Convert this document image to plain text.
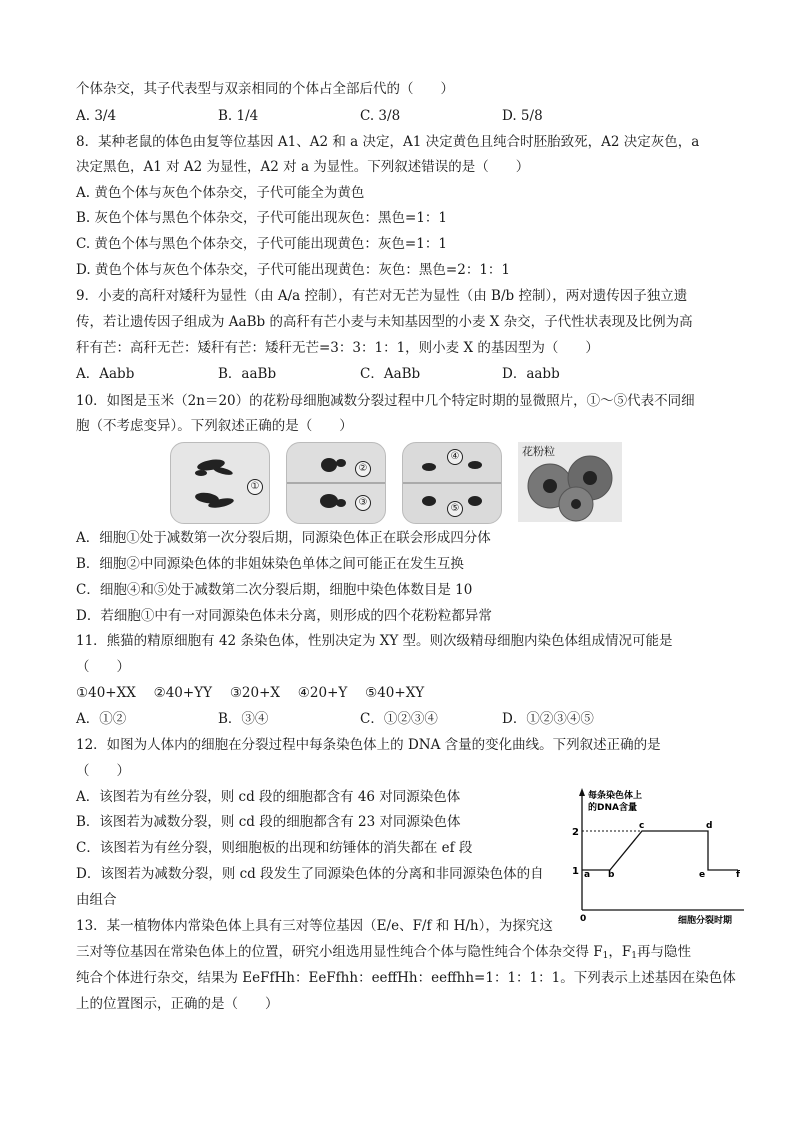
个体杂交，其子代表型与双亲相同的个体占全部后代的（　　）
A. 3/4	B. 1/4	C. 3/8	D. 5/8
8．某种老鼠的体色由复等位基因 A1、A2 和 a 决定，A1 决定黄色且纯合时胚胎致死，A2 决定灰色，a
决定黑色，A1 对 A2 为显性，A2 对 a 为显性。下列叙述错误的是（　　）
A. 黄色个体与灰色个体杂交，子代可能全为黄色
B. 灰色个体与黑色个体杂交，子代可能出现灰色：黑色=1：1
C. 黄色个体与黑色个体杂交，子代可能出现黄色：灰色=1：1
D. 黄色个体与灰色个体杂交，子代可能出现黄色：灰色：黑色=2：1：1
9．小麦的高秆对矮秆为显性（由 A/a 控制），有芒对无芒为显性（由 B/b 控制），两对遗传因子独立遗
传，若让遗传因子组成为 AaBb 的高秆有芒小麦与未知基因型的小麦 X 杂交，子代性状表现及比例为高
秆有芒：高秆无芒：矮秆有芒：矮秆无芒=3：3：1：1，则小麦 X 的基因型为（　　）
A．Aabb	B．aaBb	C．AaBb	D．aabb
10．如图是玉米（2n＝20）的花粉母细胞减数分裂过程中几个特定时期的显微照片，①～⑤代表不同细
胞（不考虑变异）。下列叙述正确的是（　　）
①
②
③
④
⑤
花粉粒
A．细胞①处于减数第一次分裂后期，同源染色体正在联会形成四分体
B．细胞②中同源染色体的非姐妹染色单体之间可能正在发生互换
C．细胞④和⑤处于减数第二次分裂后期，细胞中染色体数目是 10
D．若细胞①中有一对同源染色体未分离，则形成的四个花粉粒都异常
11．熊猫的精原细胞有 42 条染色体，性别决定为 XY 型。则次级精母细胞内染色体组成情况可能是
（　　）
①40+XX　 ②40+YY　 ③20+X　 ④20+Y　 ⑤40+XY
A．①②	B．③④	C．①②③④	D．①②③④⑤
12．如图为人体内的细胞在分裂过程中每条染色体上的 DNA 含量的变化曲线。下列叙述正确的是
（　　）
A．该图若为有丝分裂，则 cd 段的细胞都含有 46 对同源染色体
B．该图若为减数分裂，则 cd 段的细胞都含有 23 对同源染色体
C．该图若为有丝分裂，则细胞板的出现和纺锤体的消失都在 ef 段
D．该图若为减数分裂，则 cd 段发生了同源染色体的分离和非同源染色体的自
由组合
13．某一植物体内常染色体上具有三对等位基因（E/e、F/f 和 H/h），为探究这
三对等位基因在常染色体上的位置，研究小组选用显性纯合个体与隐性纯合个体杂交得 $F_1$，$F_1$再与隐性
纯合个体进行杂交，结果为 EeFfHh：EeFfhh：eeffHh：eeffhh=1：1：1：1。下列表示上述基因在染色体
上的位置图示，正确的是（　　）
2
1
0
a b
c	d
e	f
每条染色体上
的DNA含量
细胞分裂时期
